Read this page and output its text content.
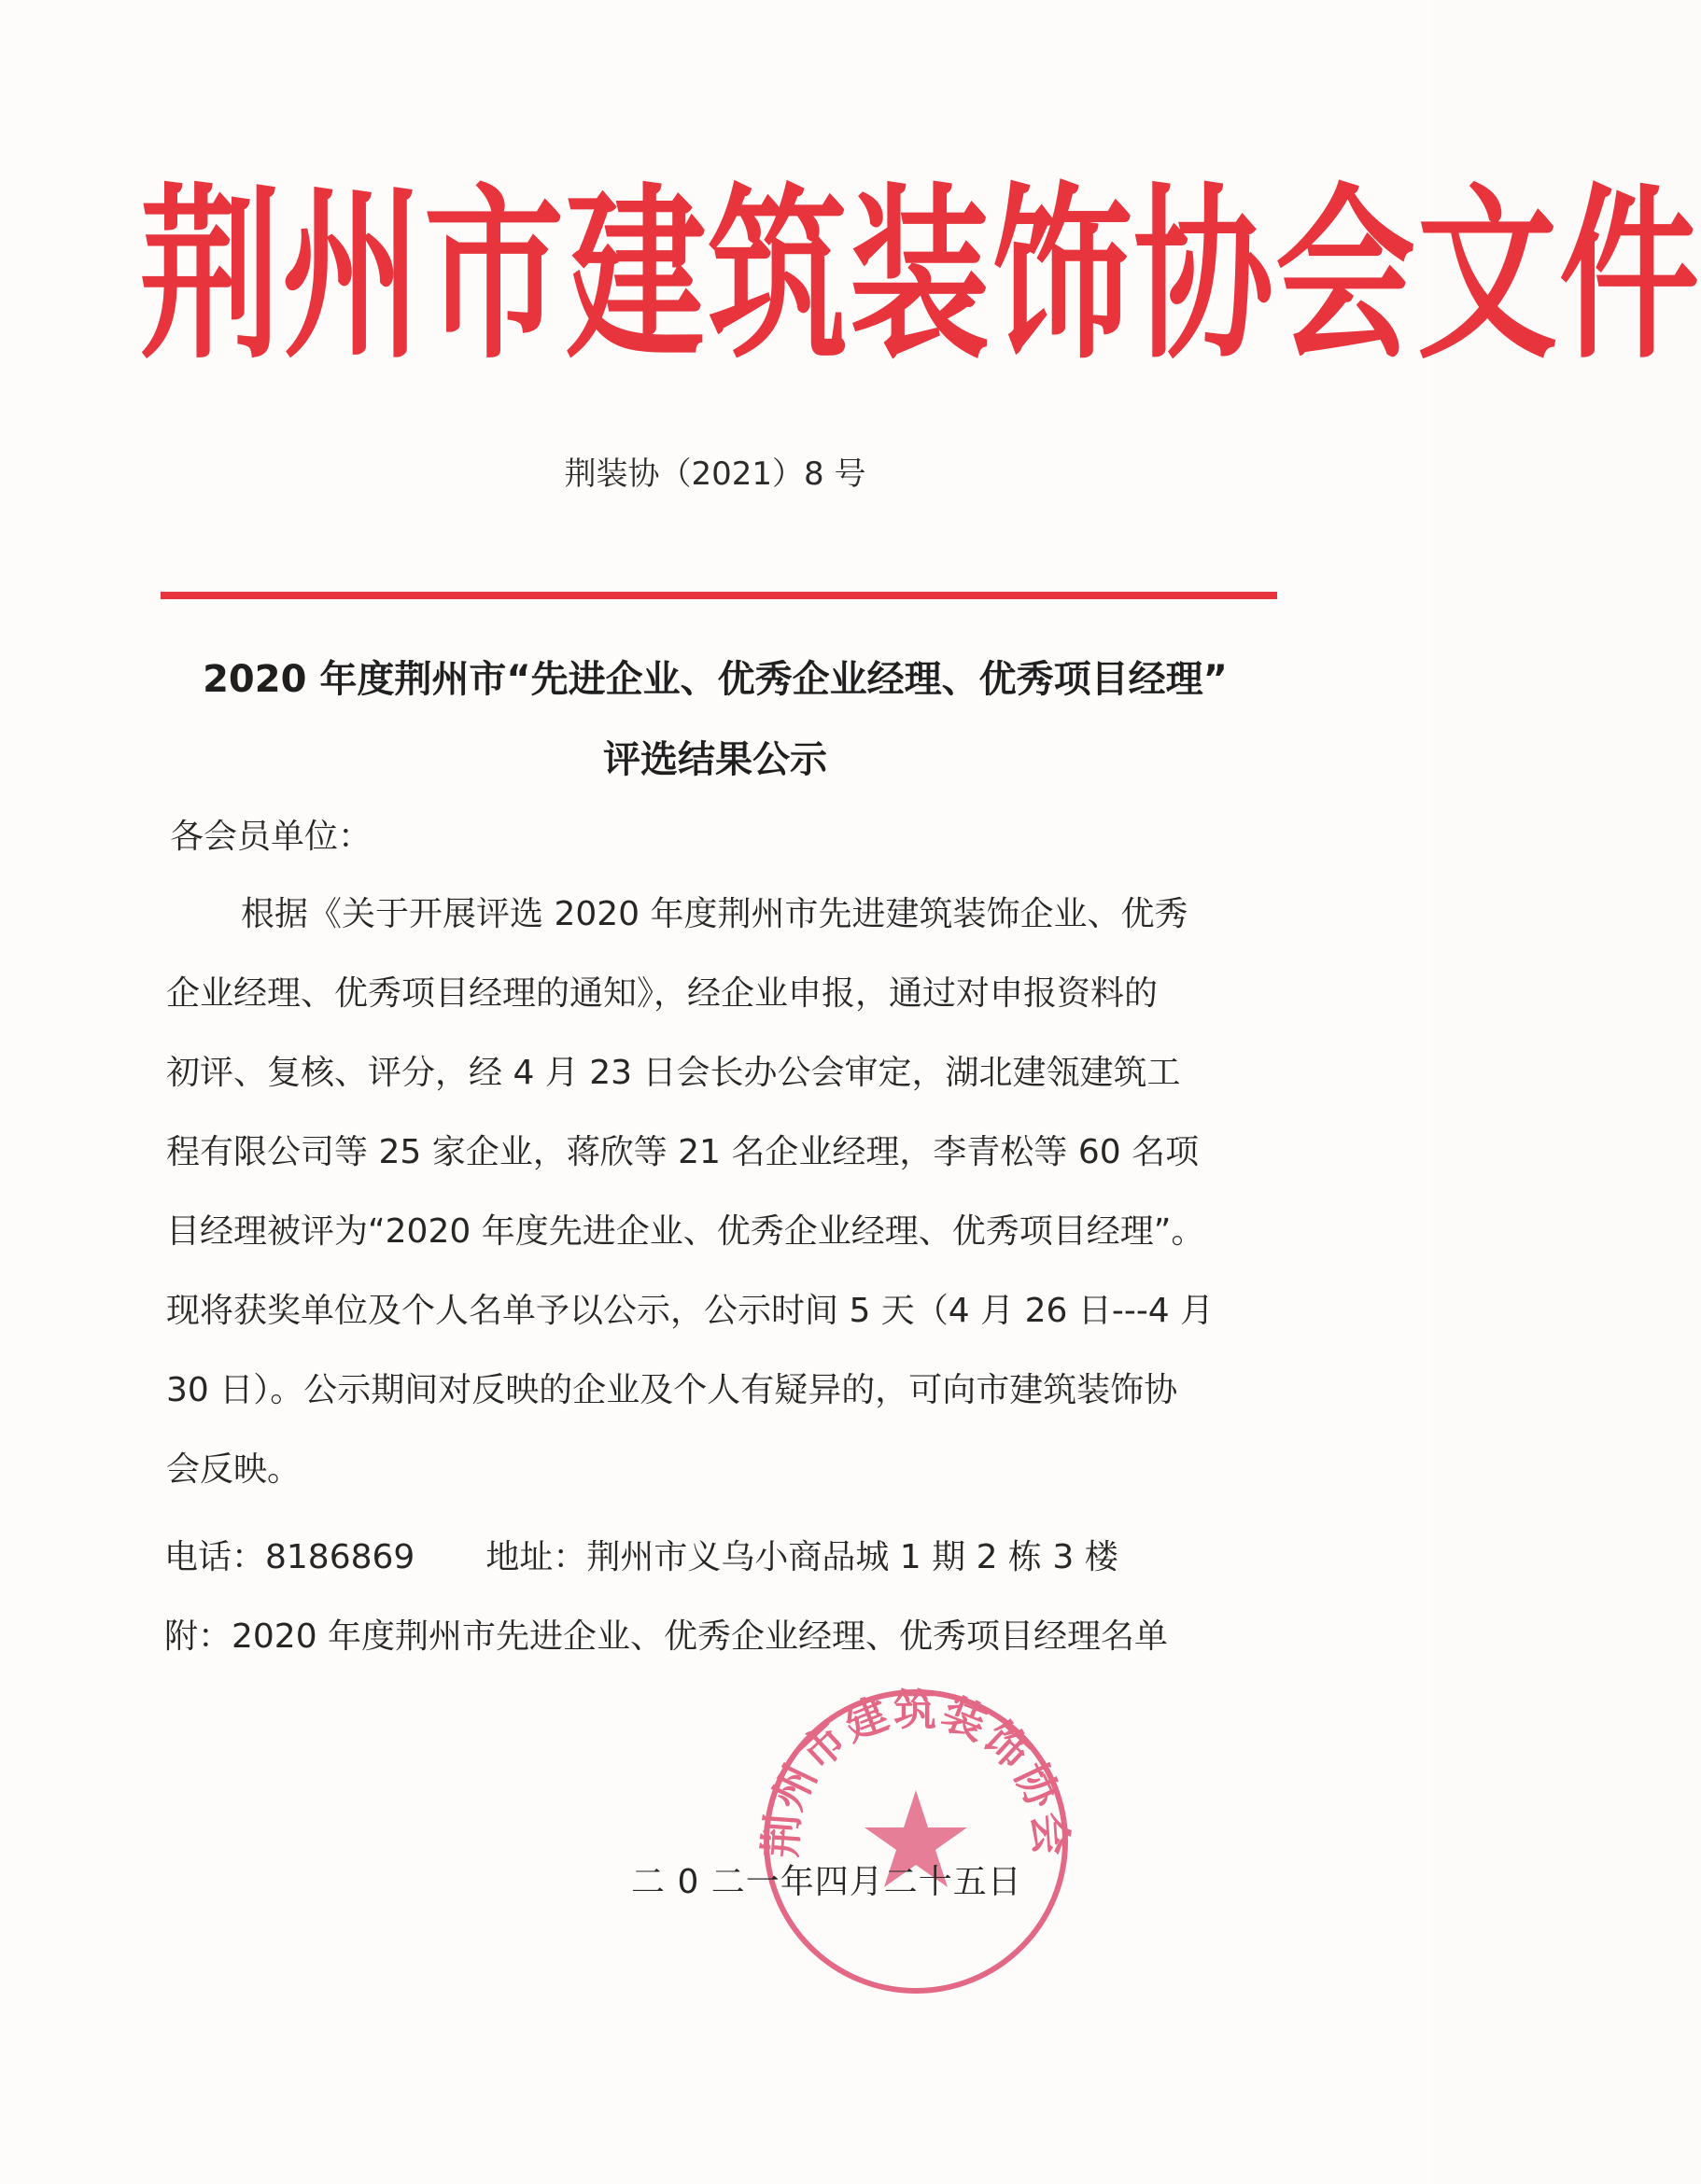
荆州市建筑装饰协会文件
荆装协（2021）8 号
2020 年度荆州市“先进企业、优秀企业经理、优秀项目经理”
评选结果公示
各会员单位：
根据《关于开展评选 2020 年度荆州市先进建筑装饰企业、优秀
企业经理、优秀项目经理的通知》，经企业申报，通过对申报资料的
初评、复核、评分，经 4 月 23 日会长办公会审定，湖北建瓴建筑工
程有限公司等 25 家企业，蒋欣等 21 名企业经理，李青松等 60 名项
目经理被评为“2020 年度先进企业、优秀企业经理、优秀项目经理”。
现将获奖单位及个人名单予以公示，公示时间 5 天（4 月 26 日---4 月
30 日）。公示期间对反映的企业及个人有疑异的，可向市建筑装饰协
会反映。
电话：8186869 地址：荆州市义乌小商品城 1 期 2 栋 3 楼
附：2020 年度荆州市先进企业、优秀企业经理、优秀项目经理名单
荆州市建筑装饰协会
二 0 二一年四月二十五日
